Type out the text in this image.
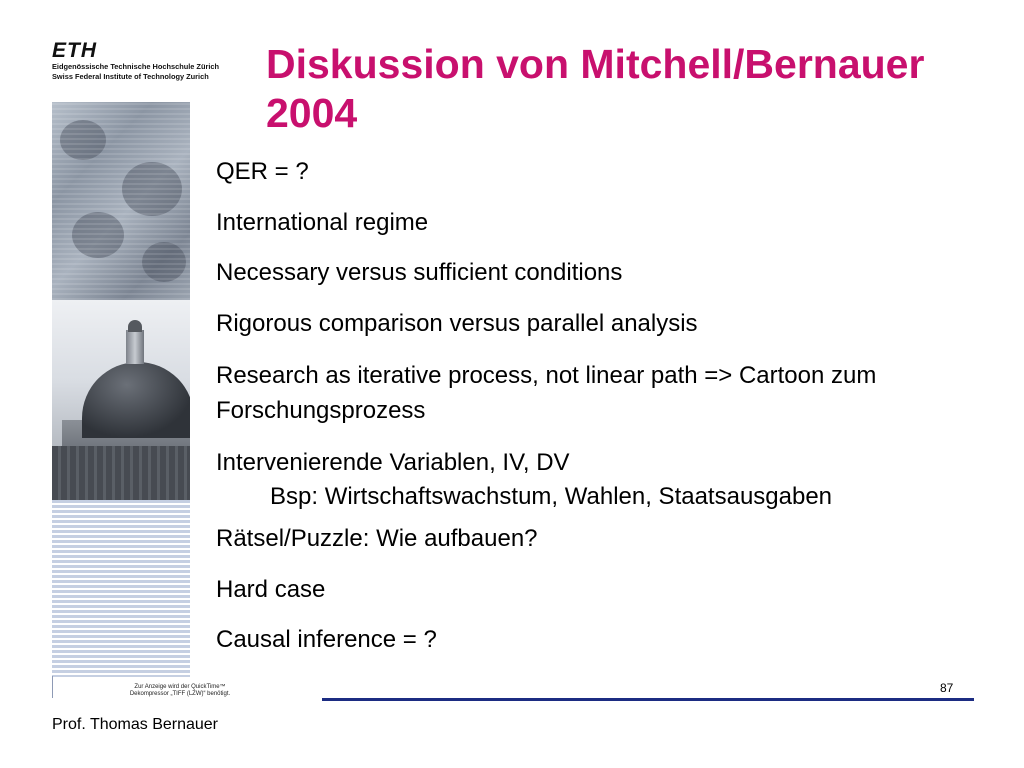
ETH
Eidgenössische Technische Hochschule Zürich
Swiss Federal Institute of Technology Zurich
Zur Anzeige wird der QuickTime™ Dekompressor „TIFF (LZW)“ benötigt.
Diskussion von Mitchell/Bernauer 2004
QER = ?
International regime
Necessary versus sufficient conditions
Rigorous comparison versus parallel analysis
Research as iterative process, not linear path => Cartoon zum Forschungsprozess
Intervenierende Variablen, IV, DV
Bsp: Wirtschaftswachstum, Wahlen, Staatsausgaben
Rätsel/Puzzle: Wie aufbauen?
Hard case
Causal inference = ?
87
Prof. Thomas Bernauer
